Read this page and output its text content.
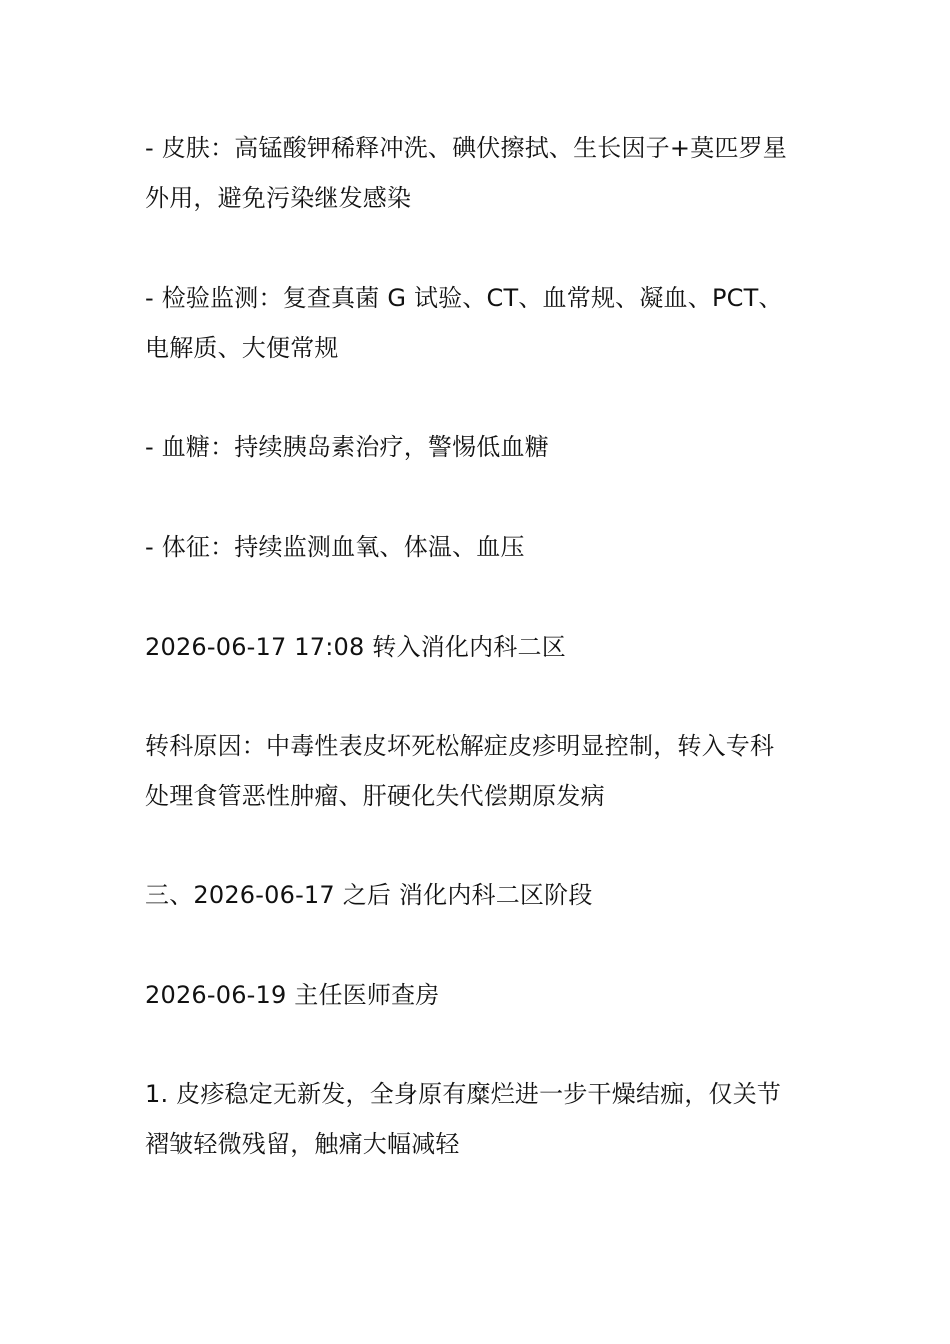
- 皮肤：高锰酸钾稀释冲洗、碘伏擦拭、生长因子+莫匹罗星外用，避免污染继发感染

- 检验监测：复查真菌 G 试验、CT、血常规、凝血、PCT、电解质、大便常规

- 血糖：持续胰岛素治疗，警惕低血糖

- 体征：持续监测血氧、体温、血压

2026-06-17 17:08 转入消化内科二区

转科原因：中毒性表皮坏死松解症皮疹明显控制，转入专科处理食管恶性肿瘤、肝硬化失代偿期原发病

三、2026-06-17 之后 消化内科二区阶段

2026-06-19 主任医师查房

1. 皮疹稳定无新发，全身原有糜烂进一步干燥结痂，仅关节褶皱轻微残留，触痛大幅减轻
